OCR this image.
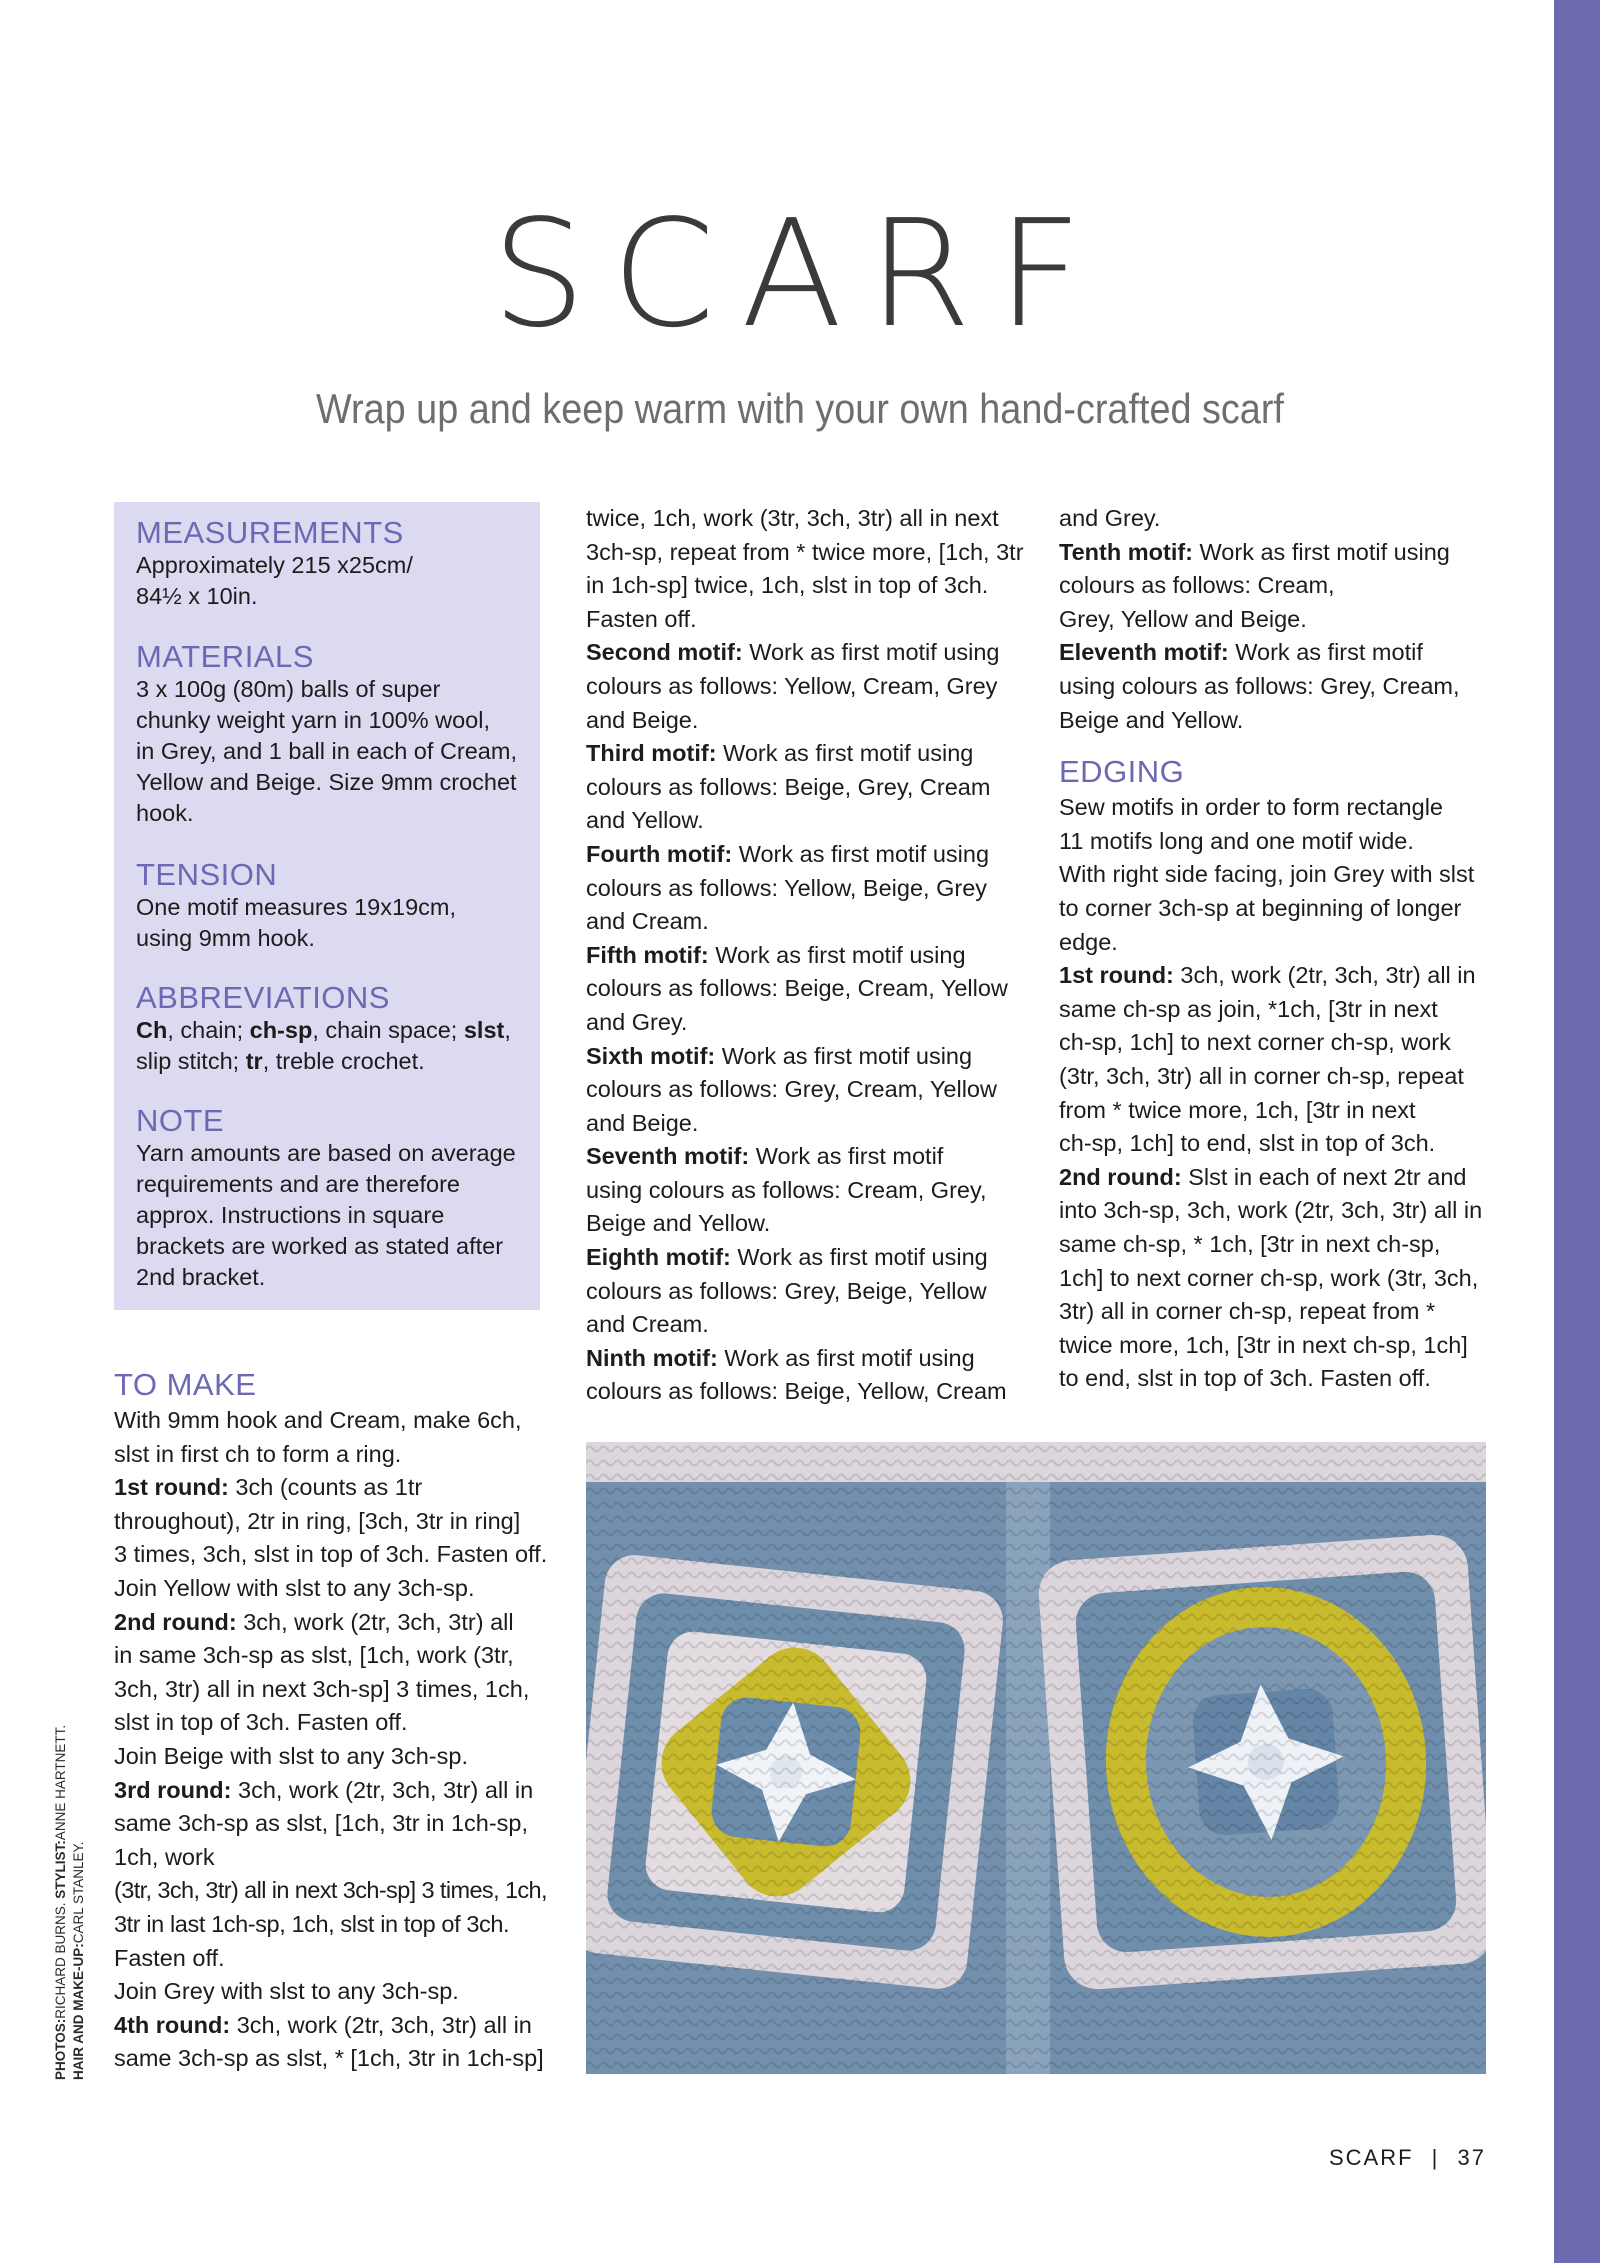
SCARF
Wrap up and keep warm with your own hand-crafted scarf
MEASUREMENTS
Approximately 215 x25cm/
84½ x 10in.
MATERIALS
3 x 100g (80m) balls of super
chunky weight yarn in 100% wool,
in Grey, and 1 ball in each of Cream,
Yellow and Beige. Size 9mm crochet
hook.
TENSION
One motif measures 19x19cm,
using 9mm hook.
ABBREVIATIONS
Ch, chain; ch-sp, chain space; slst,
slip stitch; tr, treble crochet.
NOTE
Yarn amounts are based on average
requirements and are therefore
approx. Instructions in square
brackets are worked as stated after
2nd bracket.
TO MAKE
With 9mm hook and Cream, make 6ch,
slst in first ch to form a ring.
1st round: 3ch (counts as 1tr
throughout), 2tr in ring, [3ch, 3tr in ring]
3 times, 3ch, slst in top of 3ch. Fasten off.
Join Yellow with slst to any 3ch-sp.
2nd round: 3ch, work (2tr, 3ch, 3tr) all
in same 3ch-sp as slst, [1ch, work (3tr,
3ch, 3tr) all in next 3ch-sp] 3 times, 1ch,
slst in top of 3ch. Fasten off.
Join Beige with slst to any 3ch-sp.
3rd round: 3ch, work (2tr, 3ch, 3tr) all in
same 3ch-sp as slst, [1ch, 3tr in 1ch-sp,
1ch, work
(3tr, 3ch, 3tr) all in next 3ch-sp] 3 times, 1ch,
3tr in last 1ch-sp, 1ch, slst in top of 3ch.
Fasten off.
Join Grey with slst to any 3ch-sp.
4th round: 3ch, work (2tr, 3ch, 3tr) all in
same 3ch-sp as slst, * [1ch, 3tr in 1ch-sp]
twice, 1ch, work (3tr, 3ch, 3tr) all in next
3ch-sp, repeat from * twice more, [1ch, 3tr
in 1ch-sp] twice, 1ch, slst in top of 3ch.
Fasten off.
Second motif: Work as first motif using
colours as follows: Yellow, Cream, Grey
and Beige.
Third motif: Work as first motif using
colours as follows: Beige, Grey, Cream
and Yellow.
Fourth motif: Work as first motif using
colours as follows: Yellow, Beige, Grey
and Cream.
Fifth motif: Work as first motif using
colours as follows: Beige, Cream, Yellow
and Grey.
Sixth motif: Work as first motif using
colours as follows: Grey, Cream, Yellow
and Beige.
Seventh motif: Work as first motif
using colours as follows: Cream, Grey,
Beige and Yellow.
Eighth motif: Work as first motif using
colours as follows: Grey, Beige, Yellow
and Cream.
Ninth motif: Work as first motif using
colours as follows: Beige, Yellow, Cream
and Grey.
Tenth motif: Work as first motif using
colours as follows: Cream,
Grey, Yellow and Beige.
Eleventh motif: Work as first motif
using colours as follows: Grey, Cream,
Beige and Yellow.
EDGING
Sew motifs in order to form rectangle
11 motifs long and one motif wide.
With right side facing, join Grey with slst
to corner 3ch-sp at beginning of longer
edge.
1st round: 3ch, work (2tr, 3ch, 3tr) all in
same ch-sp as join, *1ch, [3tr in next
ch-sp, 1ch] to next corner ch-sp, work
(3tr, 3ch, 3tr) all in corner ch-sp, repeat
from * twice more, 1ch, [3tr in next
ch-sp, 1ch] to end, slst in top of 3ch.
2nd round: Slst in each of next 2tr and
into 3ch-sp, 3ch, work (2tr, 3ch, 3tr) all in
same ch-sp, * 1ch, [3tr in next ch-sp,
1ch] to next corner ch-sp, work (3tr, 3ch,
3tr) all in corner ch-sp, repeat from *
twice more, 1ch, [3tr in next ch-sp, 1ch]
to end, slst in top of 3ch. Fasten off.
PHOTOS:RICHARD BURNS. STYLIST:ANNE HARTNETT.
HAIR AND MAKE-UP:CARL STANLEY.
SCARF | 37
